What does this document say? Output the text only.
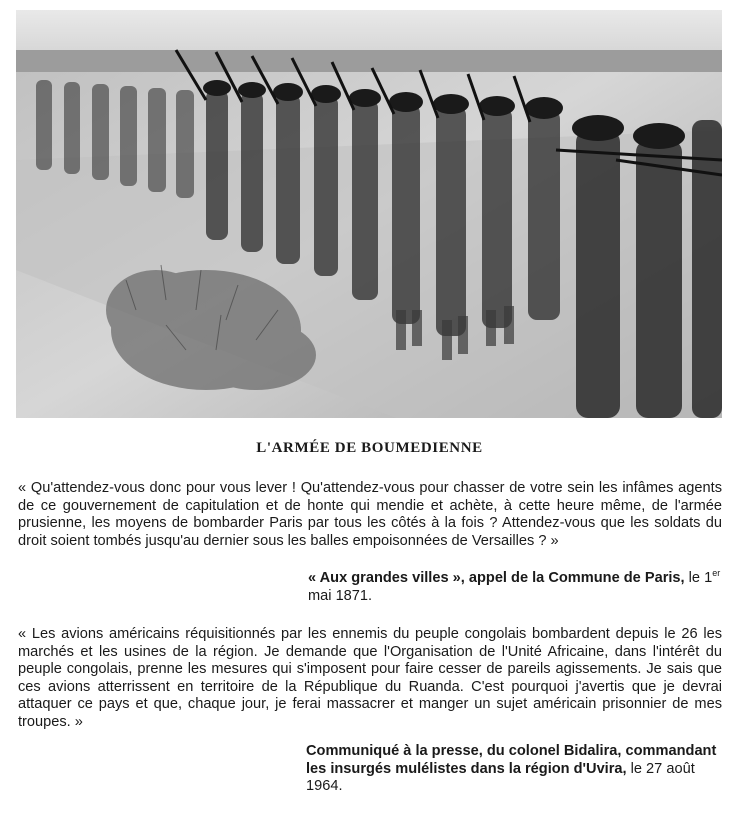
L'ARMÉE DE BOUMEDIENNE
« Qu'attendez-vous donc pour vous lever ! Qu'attendez-vous pour chasser de votre sein les infâmes agents de ce gouvernement de capitulation et de honte qui mendie et achète, à cette heure même, de l'armée prusienne, les moyens de bombarder Paris par tous les côtés à la fois ? Attendez-vous que les soldats du droit soient tombés jusqu'au dernier sous les balles empoisonnées de Versailles ? »
« Aux grandes villes », appel de la Commune de Paris, le 1er mai 1871.
« Les avions américains réquisitionnés par les ennemis du peuple congolais bombardent depuis le 26 les marchés et les usines de la région. Je demande que l'Organisation de l'Unité Africaine, dans l'intérêt du peuple congolais, prenne les mesures qui s'imposent pour faire cesser de pareils agissements. Je sais que ces avions atterrissent en territoire de la République du Ruanda. C'est pourquoi j'avertis que je devrai attaquer ce pays et que, chaque jour, je ferai massacrer et manger un sujet américain prisonnier de mes troupes. »
Communiqué à la presse, du colonel Bidalira, commandant les insurgés mulélistes dans la région d'Uvira, le 27 août 1964.
